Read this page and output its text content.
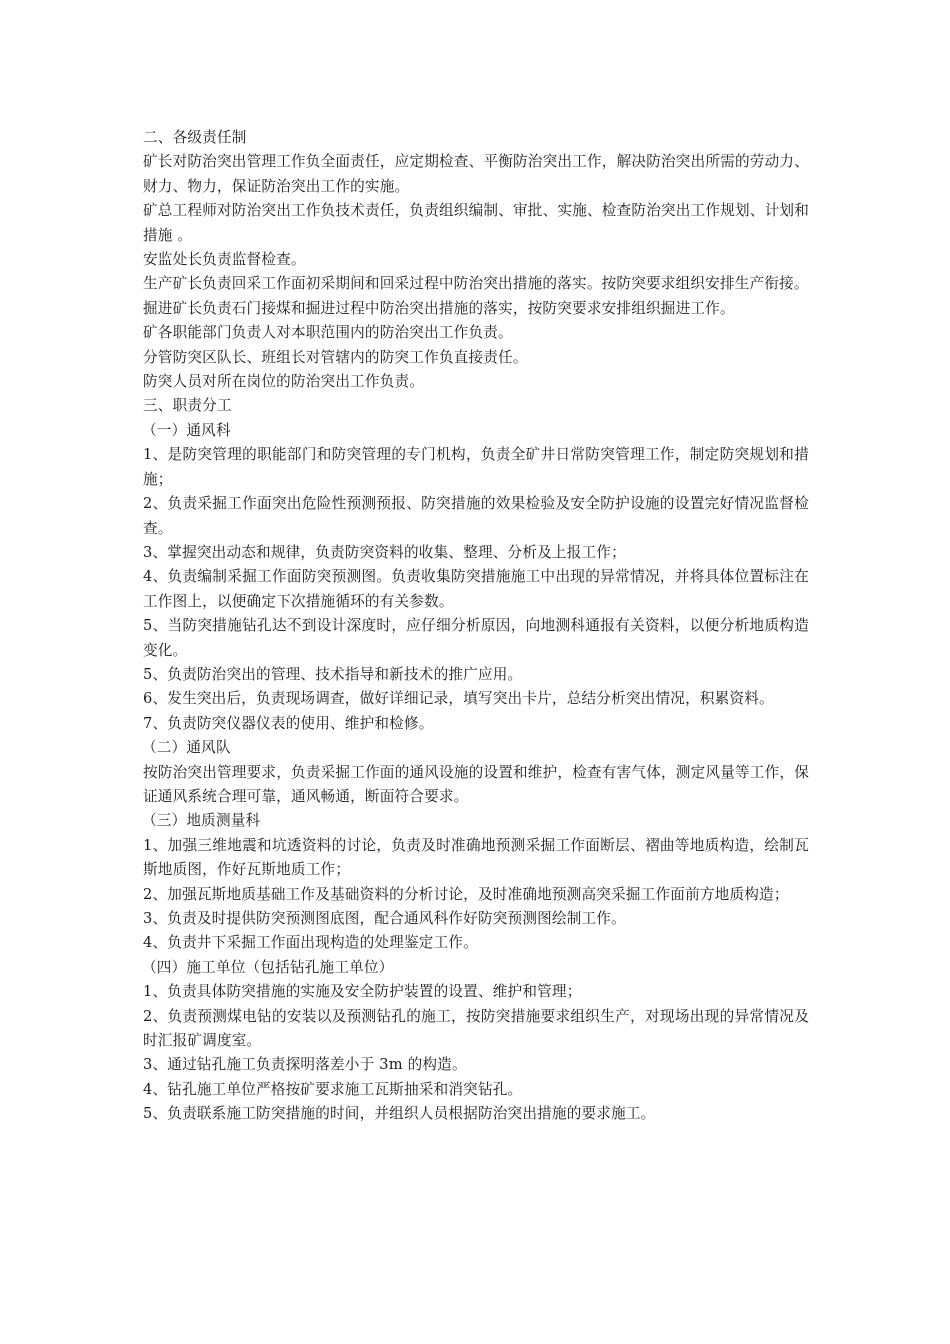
二、各级责任制

矿长对防治突出管理工作负全面责任，应定期检查、平衡防治突出工作，解决防治突出所需的劳动力、财力、物力，保证防治突出工作的实施。

矿总工程师对防治突出工作负技术责任，负责组织编制、审批、实施、检查防治突出工作规划、计划和措施 。

安监处长负责监督检查。

生产矿长负责回采工作面初采期间和回采过程中防治突出措施的落实。按防突要求组织安排生产衔接。

掘进矿长负责石门接煤和掘进过程中防治突出措施的落实，按防突要求安排组织掘进工作。

矿各职能部门负责人对本职范围内的防治突出工作负责。

分管防突区队长、班组长对管辖内的防突工作负直接责任。

防突人员对所在岗位的防治突出工作负责。

三、职责分工

（一）通风科

1、是防突管理的职能部门和防突管理的专门机构，负责全矿井日常防突管理工作，制定防突规划和措施；

2、负责采掘工作面突出危险性预测预报、防突措施的效果检验及安全防护设施的设置完好情况监督检查。

3、掌握突出动态和规律，负责防突资料的收集、整理、分析及上报工作；

4、负责编制采掘工作面防突预测图。负责收集防突措施施工中出现的异常情况，并将具体位置标注在工作图上，以便确定下次措施循环的有关参数。

5、当防突措施钻孔达不到设计深度时，应仔细分析原因，向地测科通报有关资料，以便分析地质构造变化。

5、负责防治突出的管理、技术指导和新技术的推广应用。

6、发生突出后，负责现场调查，做好详细记录，填写突出卡片，总结分析突出情况，积累资料。

7、负责防突仪器仪表的使用、维护和检修。

（二）通风队

按防治突出管理要求，负责采掘工作面的通风设施的设置和维护，检查有害气体，测定风量等工作，保证通风系统合理可靠，通风畅通，断面符合要求。

（三）地质测量科

1、加强三维地震和坑透资料的讨论，负责及时准确地预测采掘工作面断层、褶曲等地质构造，绘制瓦斯地质图，作好瓦斯地质工作；

2、加强瓦斯地质基础工作及基础资料的分析讨论，及时准确地预测高突采掘工作面前方地质构造；

3、负责及时提供防突预测图底图，配合通风科作好防突预测图绘制工作。

4、负责井下采掘工作面出现构造的处理鉴定工作。

（四）施工单位（包括钻孔施工单位）

1、负责具体防突措施的实施及安全防护装置的设置、维护和管理；

2、负责预测煤电钻的安装以及预测钻孔的施工，按防突措施要求组织生产，对现场出现的异常情况及时汇报矿调度室。

3、通过钻孔施工负责探明落差小于 3m 的构造。

4、钻孔施工单位严格按矿要求施工瓦斯抽采和消突钻孔。

5、负责联系施工防突措施的时间，并组织人员根据防治突出措施的要求施工。
